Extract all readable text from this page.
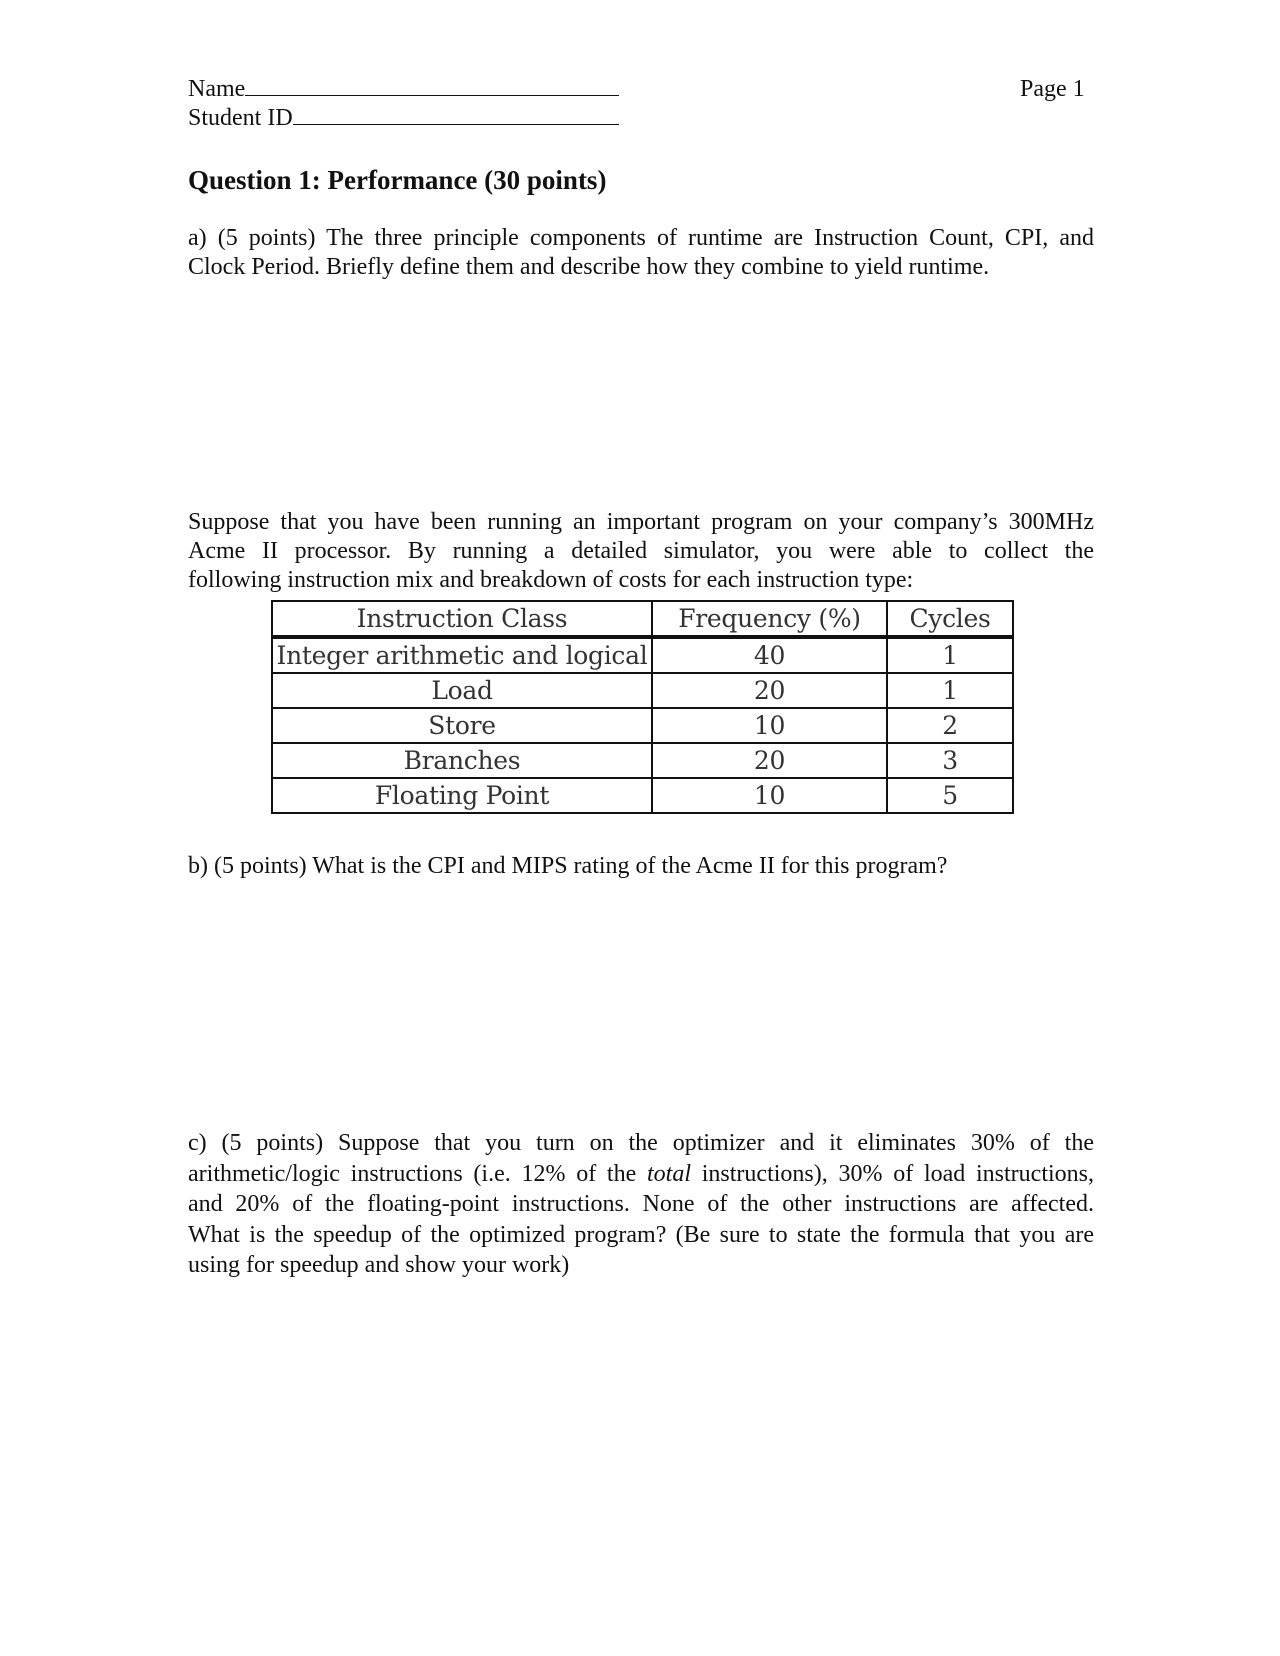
Name
Student ID
Page 1
Question 1: Performance (30 points)
a) (5 points) The three principle components of runtime are Instruction Count, CPI, and
Clock Period. Briefly define them and describe how they combine to yield runtime.
Suppose that you have been running an important program on your company’s 300MHz
Acme II processor. By running a detailed simulator, you were able to collect the
following instruction mix and breakdown of costs for each instruction type:
Instruction Class	Frequency (%)	Cycles
Integer arithmetic and logical	40	1
Load	20	1
Store	10	2
Branches	20	3
Floating Point	10	5
b) (5 points) What is the CPI and MIPS rating of the Acme II for this program?
c) (5 points) Suppose that you turn on the optimizer and it eliminates 30% of the
arithmetic/logic instructions (i.e. 12% of the total instructions), 30% of load instructions,
and 20% of the floating-point instructions. None of the other instructions are affected.
What is the speedup of the optimized program? (Be sure to state the formula that you are
using for speedup and show your work)
